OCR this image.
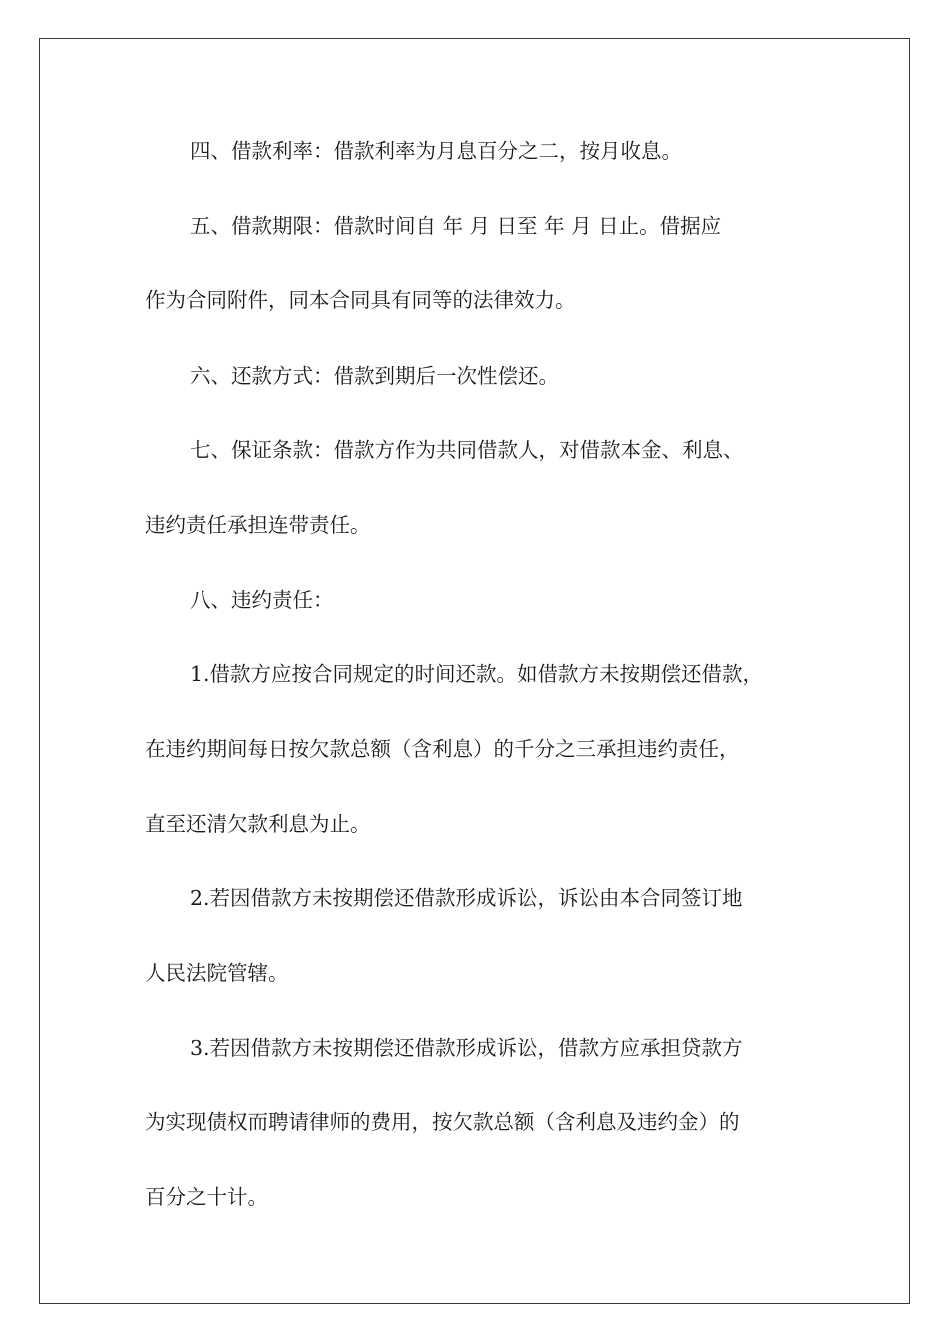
四、借款利率：借款利率为月息百分之二，按月收息。
五、借款期限：借款时间自 年 月 日至 年 月 日止。借据应
作为合同附件，同本合同具有同等的法律效力。
六、还款方式：借款到期后一次性偿还。
七、保证条款：借款方作为共同借款人，对借款本金、利息、
违约责任承担连带责任。
八、违约责任：
1.借款方应按合同规定的时间还款。如借款方未按期偿还借款，
在违约期间每日按欠款总额（含利息）的千分之三承担违约责任，
直至还清欠款利息为止。
2.若因借款方未按期偿还借款形成诉讼，诉讼由本合同签订地
人民法院管辖。
3.若因借款方未按期偿还借款形成诉讼，借款方应承担贷款方
为实现债权而聘请律师的费用，按欠款总额（含利息及违约金）的
百分之十计。
